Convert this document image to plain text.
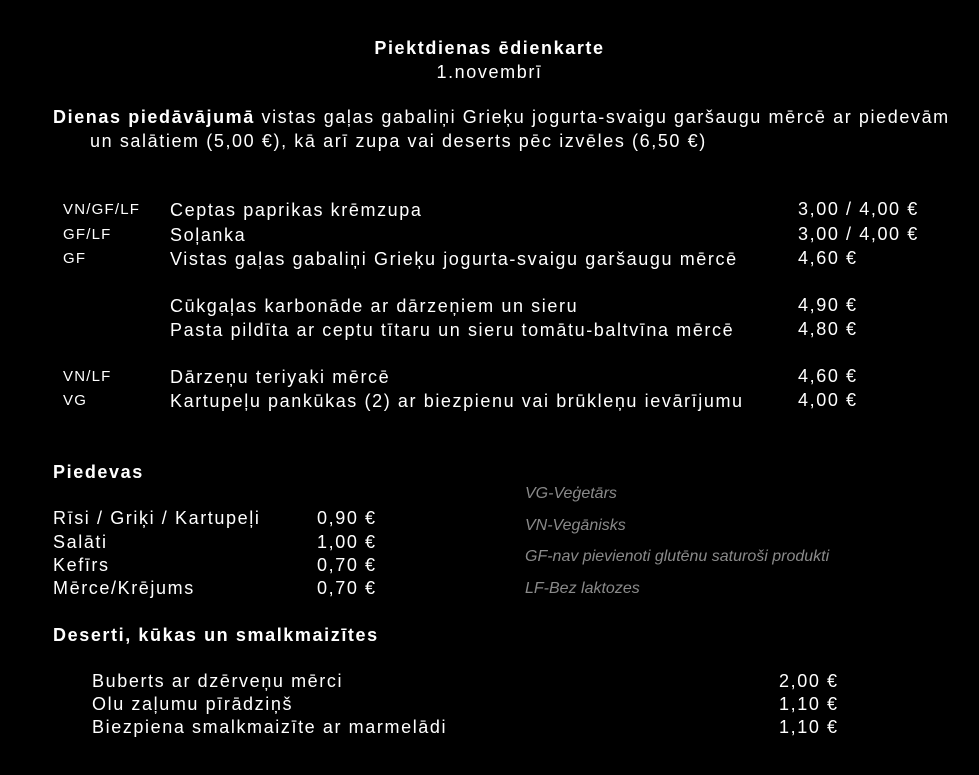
Piektdienas ēdienkarte
1.novembrī
Dienas piedāvājumā vistas gaļas gabaliņi Grieķu jogurta-svaigu garšaugu mērcē ar piedevām un salātiem (5,00 €), kā arī zupa vai deserts pēc izvēles (6,50 €)
VN/GF/LF Ceptas paprikas krēmzupa	3,00 / 4,00 €
GF/LF	Soļanka	3,00 / 4,00 €
GF	Vistas gaļas gabaliņi Grieķu jogurta-svaigu garšaugu mērcē	4,60 €
Cūkgaļas karbonāde ar dārzeņiem un sieru	4,90 €
Pasta pildīta ar ceptu tītaru un sieru tomātu-baltvīna mērcē	4,80 €
VN/LF	Dārzeņu teriyaki mērcē	4,60 €
VG	Kartupeļu pankūkas (2) ar biezpienu vai brūkleņu ievārījumu	4,00 €
Piedevas
Rīsi / Griķi / Kartupeļi	0,90 €
Salāti	1,00 €
Kefīrs	0,70 €
Mērce/Krējums	0,70 €
VG-Veģetārs
VN-Vegānisks
GF-nav pievienoti glutēnu saturoši produkti
LF-Bez laktozes
Deserti, kūkas un smalkmaizītes
Buberts ar dzērveņu mērci	2,00 €
Olu zaļumu pīrādziņš	1,10 €
Biezpiena smalkmaizīte ar marmelādi	1,10 €
